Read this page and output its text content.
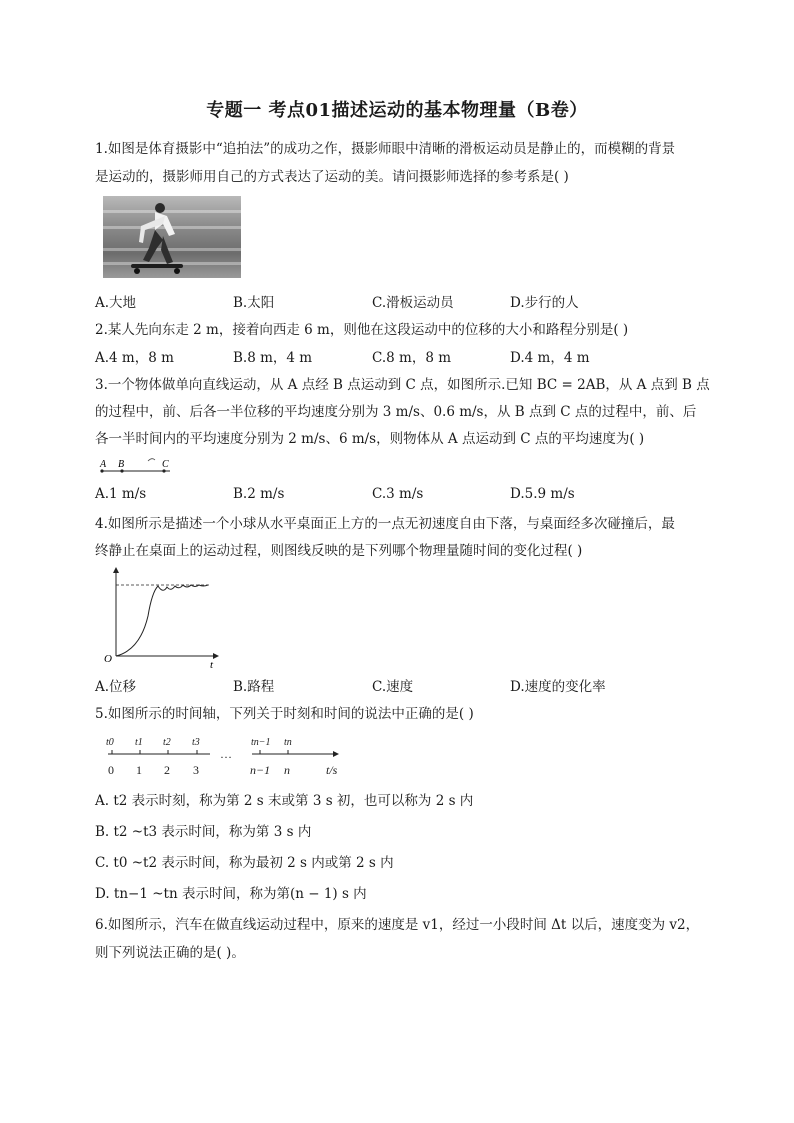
专题一 考点01描述运动的基本物理量（B卷）
1.如图是体育摄影中“追拍法”的成功之作，摄影师眼中清晰的滑板运动员是静止的，而模糊的背景
是运动的，摄影师用自己的方式表达了运动的美。请问摄影师选择的参考系是( )
A.大地	B.太阳	C.滑板运动员	D.步行的人
2.某人先向东走 2 m，接着向西走 6 m，则他在这段运动中的位移的大小和路程分别是( )
A.4 m，8 m	B.8 m，4 m	C.8 m，8 m	D.4 m，4 m
3.一个物体做单向直线运动，从 A 点经 B 点运动到 C 点，如图所示.已知 BC = 2AB，从 A 点到 B 点
的过程中，前、后各一半位移的平均速度分别为 3 m/s、0.6 m/s，从 B 点到 C 点的过程中，前、后
各一半时间内的平均速度分别为 2 m/s、6 m/s，则物体从 A 点运动到 C 点的平均速度为( )
A B	C
A.1 m/s	B.2 m/s	C.3 m/s	D.5.9 m/s
4.如图所示是描述一个小球从水平桌面正上方的一点无初速度自由下落，与桌面经多次碰撞后，最
终静止在桌面上的运动过程，则图线反映的是下列哪个物理量随时间的变化过程( )
O	t
A.位移	B.路程	C.速度	D.速度的变化率
5.如图所示的时间轴，下列关于时刻和时间的说法中正确的是( )
t0 t1 t2 t3	tn−1 tn
…
0 1 2 3	n−1 n	t/s
A. t2 表示时刻，称为第 2 s 末或第 3 s 初，也可以称为 2 s 内
B. t2 ~t3 表示时间，称为第 3 s 内
C. t0 ~t2 表示时间，称为最初 2 s 内或第 2 s 内
D. tn−1 ~tn 表示时间，称为第(n − 1) s 内
6.如图所示，汽车在做直线运动过程中，原来的速度是 v1，经过一小段时间 Δt 以后，速度变为 v2，
则下列说法正确的是( )。
